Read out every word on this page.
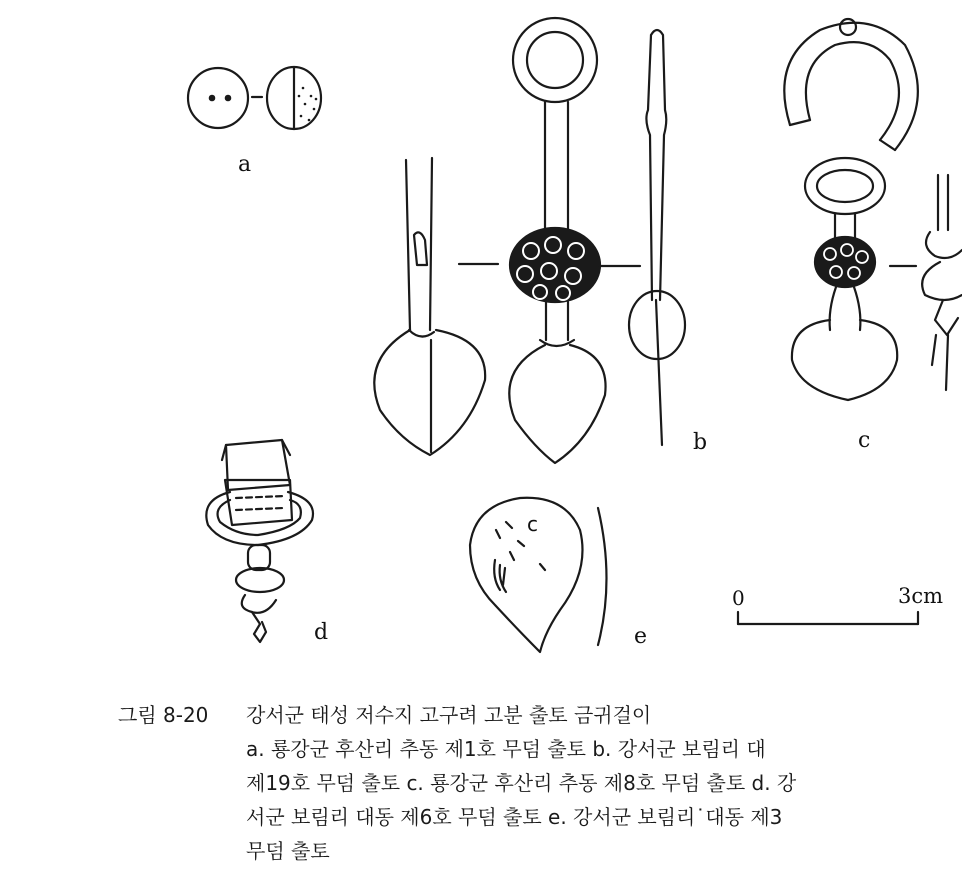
a
b	c
d	e
c
0	3cm
그림 8-20 강서군 태성 저수지 고구려 고분 출토 금귀걸이
a. 룡강군 후산리 추동 제1호 무덤 출토 b. 강서군 보림리 대
제19호 무덤 출토 c. 룡강군 후산리 추동 제8호 무덤 출토 d. 강
서군 보림리 대동 제6호 무덤 출토 e. 강서군 보림리˙대동 제3
무덤 출토
